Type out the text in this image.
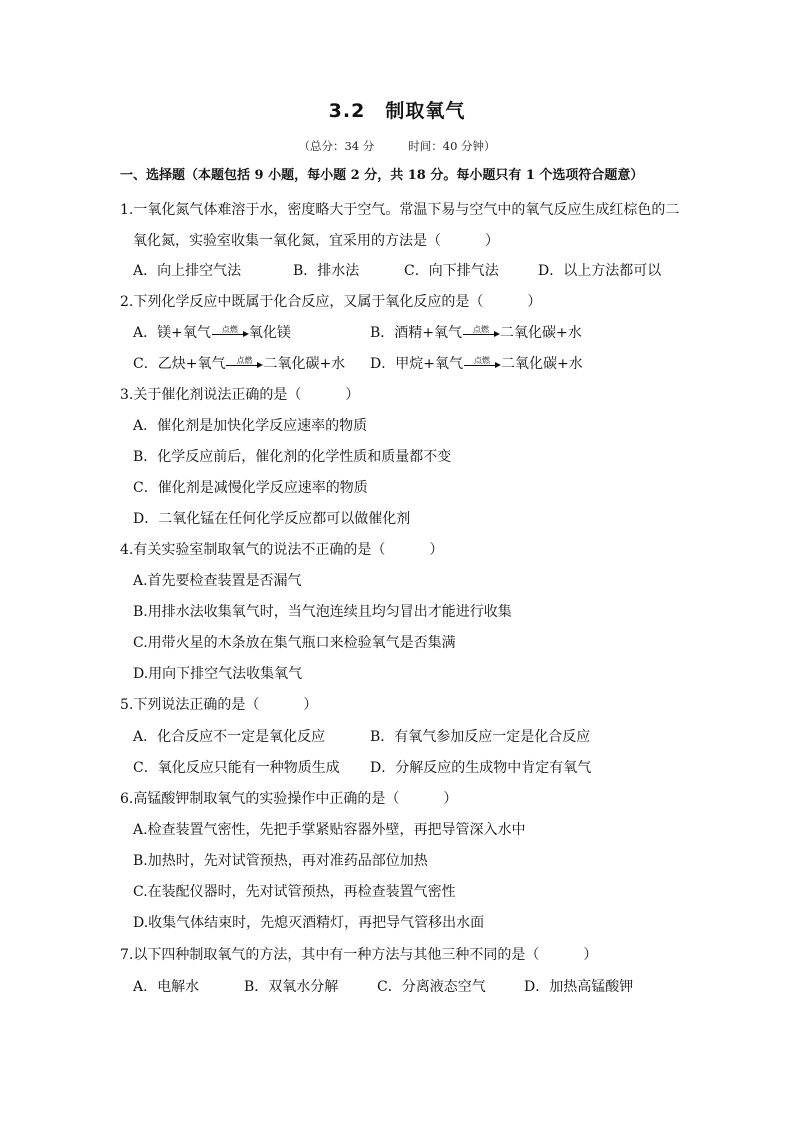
3.2　制取氧气
（总分：34 分	时间：40 分钟）
一、选择题（本题包括 9 小题，每小题 2 分，共 18 分。每小题只有 1 个选项符合题意）
1.一氧化氮气体难溶于水，密度略大于空气。常温下易与空气中的氧气反应生成红棕色的二
氧化氮，实验室收集一氧化氮，宜采用的方法是（	）
A．向上排空气法	B．排水法	C．向下排气法	D．以上方法都可以
2.下列化学反应中既属于化合反应，又属于氧化反应的是（	）
A．镁+氧气	点燃 氧化镁	B．酒精+氧气	点燃 二氧化碳+水
C．乙炔+氧气	点燃 二氧化碳+水 D．甲烷+氧气	点燃 二氧化碳+水
3.关于催化剂说法正确的是（	）
A．催化剂是加快化学反应速率的物质
B．化学反应前后，催化剂的化学性质和质量都不变
C．催化剂是减慢化学反应速率的物质
D．二氧化锰在任何化学反应都可以做催化剂
4.有关实验室制取氧气的说法不正确的是（	）
A.首先要检查装置是否漏气
B.用排水法收集氧气时，当气泡连续且均匀冒出才能进行收集
C.用带火星的木条放在集气瓶口来检验氧气是否集满
D.用向下排空气法收集氧气
5.下列说法正确的是（	）
A．化合反应不一定是氧化反应	B．有氧气参加反应一定是化合反应
C．氧化反应只能有一种物质生成 D．分解反应的生成物中肯定有氧气
6.高锰酸钾制取氧气的实验操作中正确的是（	）
A.检查装置气密性，先把手掌紧贴容器外壁，再把导管深入水中
B.加热时，先对试管预热，再对准药品部位加热
C.在装配仪器时，先对试管预热，再检查装置气密性
D.收集气体结束时，先熄灭酒精灯，再把导气管移出水面
7.以下四种制取氧气的方法，其中有一种方法与其他三种不同的是（	）
A．电解水	B．双氧水分解	C．分离液态空气	D．加热高锰酸钾
